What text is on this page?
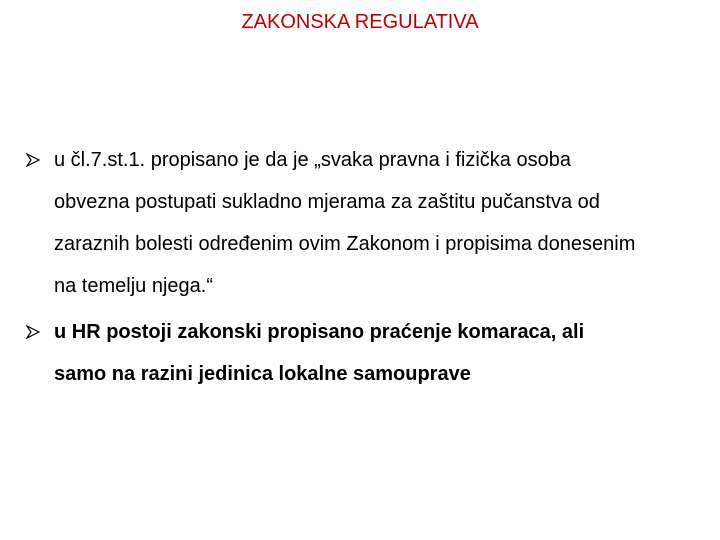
ZAKONSKA REGULATIVA
u čl.7.st.1. propisano je da je „svaka pravna i fizička osoba
obvezna postupati sukladno mjerama za zaštitu pučanstva od
zaraznih bolesti određenim ovim Zakonom i propisima donesenim
na temelju njega.“
u HR postoji zakonski propisano praćenje komaraca, ali
samo na razini jedinica lokalne samouprave
